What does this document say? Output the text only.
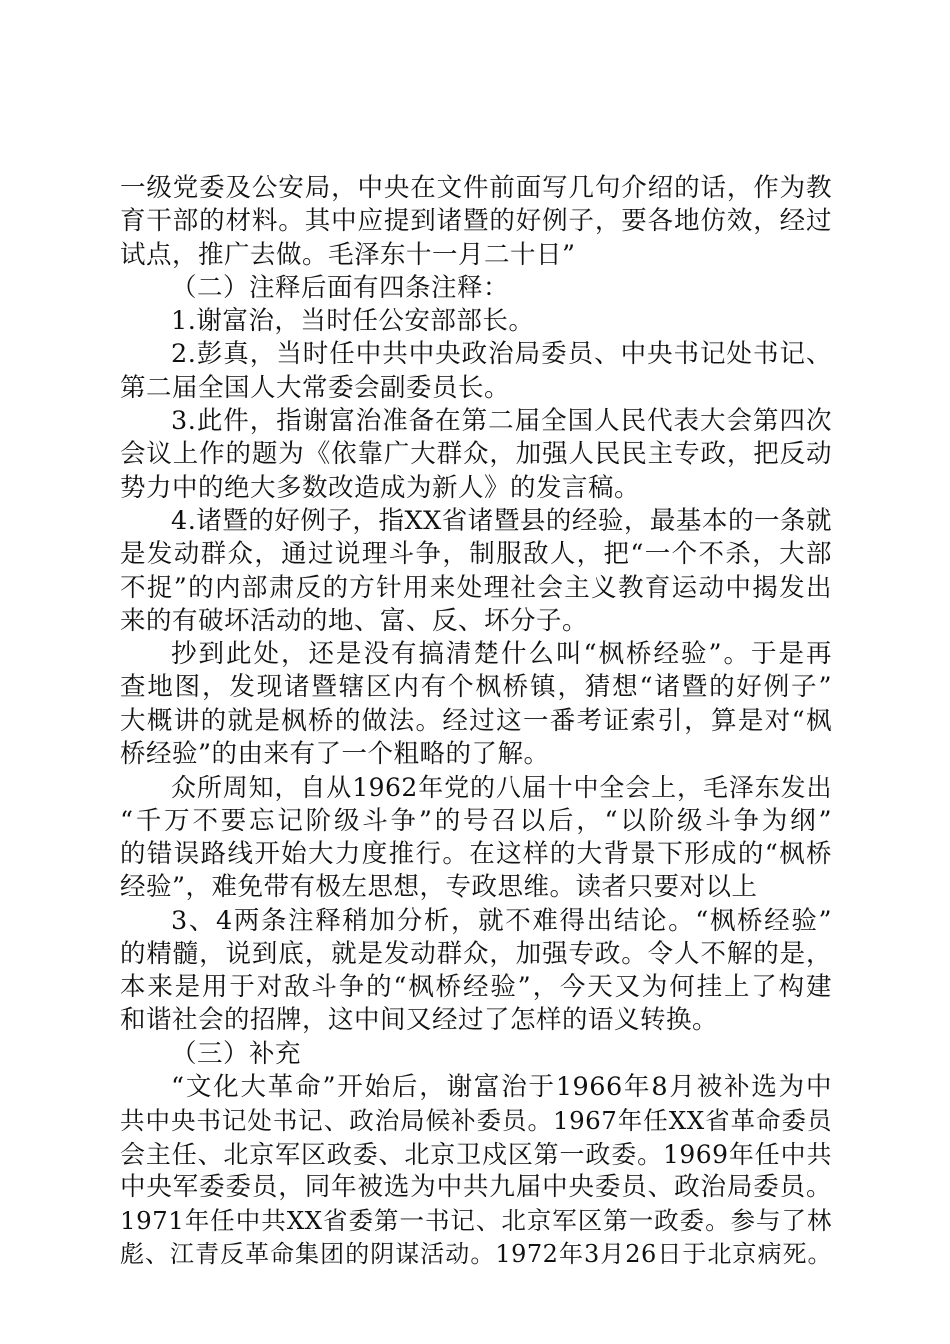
一级党委及公安局，中央在文件前面写几句介绍的话，作为教
育干部的材料。其中应提到诸暨的好例子，要各地仿效，经过
试点，推广去做。毛泽东十一月二十日”
（二）注释后面有四条注释：
1.谢富治，当时任公安部部长。
2.彭真，当时任中共中央政治局委员、中央书记处书记、
第二届全国人大常委会副委员长。
3.此件，指谢富治准备在第二届全国人民代表大会第四次
会议上作的题为《依靠广大群众，加强人民民主专政，把反动
势力中的绝大多数改造成为新人》的发言稿。
4.诸暨的好例子，指XX省诸暨县的经验，最基本的一条就
是发动群众，通过说理斗争，制服敌人，把“一个不杀，大部
不捉”的内部肃反的方针用来处理社会主义教育运动中揭发出
来的有破坏活动的地、富、反、坏分子。
抄到此处，还是没有搞清楚什么叫“枫桥经验”。于是再
查地图，发现诸暨辖区内有个枫桥镇，猜想“诸暨的好例子”
大概讲的就是枫桥的做法。经过这一番考证索引，算是对“枫
桥经验”的由来有了一个粗略的了解。
众所周知，自从1962年党的八届十中全会上，毛泽东发出
“千万不要忘记阶级斗争”的号召以后，“以阶级斗争为纲”
的错误路线开始大力度推行。在这样的大背景下形成的“枫桥
经验”，难免带有极左思想，专政思维。读者只要对以上
3、4两条注释稍加分析，就不难得出结论。“枫桥经验”
的精髓，说到底，就是发动群众，加强专政。令人不解的是，
本来是用于对敌斗争的“枫桥经验”，今天又为何挂上了构建
和谐社会的招牌，这中间又经过了怎样的语义转换。
（三）补充
“文化大革命”开始后，谢富治于1966年8月被补选为中
共中央书记处书记、政治局候补委员。1967年任XX省革命委员
会主任、北京军区政委、北京卫戍区第一政委。1969年任中共
中央军委委员，同年被选为中共九届中央委员、政治局委员。
1971年任中共XX省委第一书记、北京军区第一政委。参与了林
彪、江青反革命集团的阴谋活动。1972年3月26日于北京病死。
